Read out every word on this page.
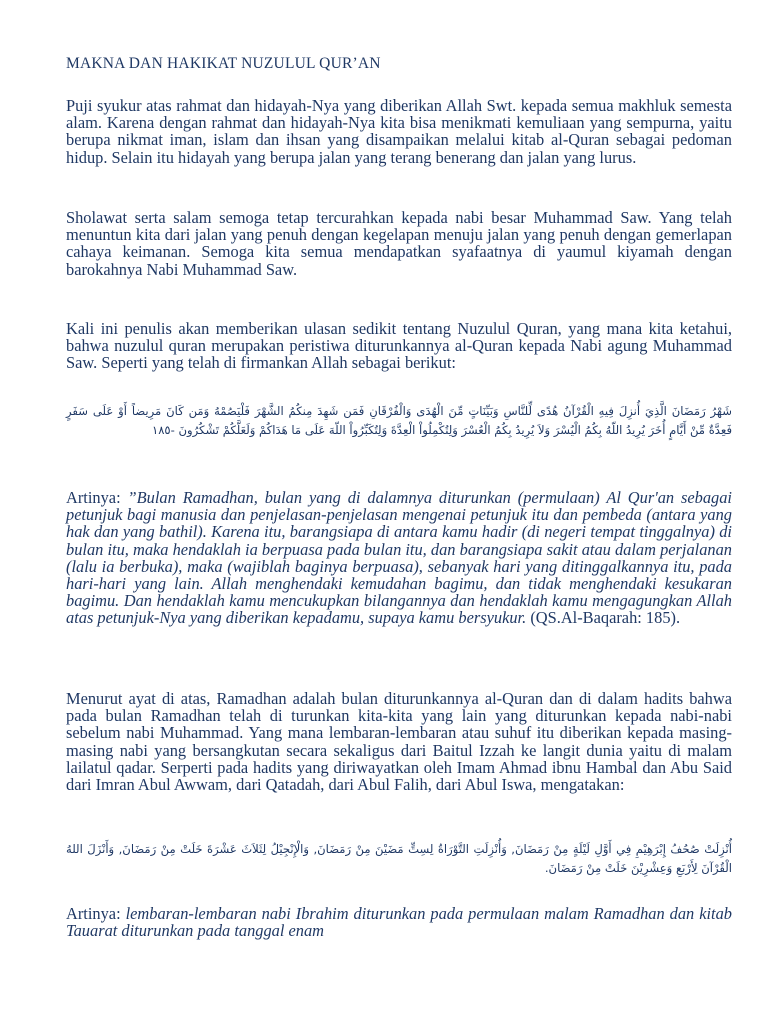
MAKNA DAN HAKIKAT NUZULUL QUR’AN

Puji syukur atas rahmat dan hidayah-Nya yang diberikan Allah Swt. kepada semua makhluk semesta alam. Karena dengan rahmat dan hidayah-Nya kita bisa menikmati kemuliaan yang sempurna, yaitu berupa nikmat iman, islam dan ihsan yang disampaikan melalui kitab al-Quran sebagai pedoman hidup. Selain itu hidayah yang berupa jalan yang terang benerang dan jalan yang lurus.

Sholawat serta salam semoga tetap tercurahkan kepada nabi besar Muhammad Saw. Yang telah menuntun kita dari jalan yang penuh dengan kegelapan menuju jalan yang penuh dengan gemerlapan cahaya keimanan. Semoga kita semua mendapatkan syafaatnya di yaumul kiyamah dengan barokahnya Nabi Muhammad Saw.

Kali ini penulis akan memberikan ulasan sedikit tentang Nuzulul Quran, yang mana kita ketahui, bahwa nuzulul quran merupakan peristiwa diturunkannya al-Quran kepada Nabi agung Muhammad Saw. Seperti yang telah di firmankan Allah sebagai berikut:

شَهْرُ رَمَضَانَ الَّذِيَ أُنزِلَ فِيهِ الْقُرْآنُ هُدًى لِّلنَّاسِ وَبَيِّنَاتٍ مِّنَ الْهُدَى وَالْفُرْقَانِ فَمَن شَهِدَ مِنكُمُ الشَّهْرَ فَلْيَصُمْهُ وَمَن كَانَ مَرِيضاً أَوْ عَلَى سَفَرٍ فَعِدَّةٌ مِّنْ أَيَّامٍ أُخَرَ يُرِيدُ اللّهُ بِكُمُ الْيُسْرَ وَلاَ يُرِيدُ بِكُمُ الْعُسْرَ وَلِتُكْمِلُواْ الْعِدَّةَ وَلِتُكَبِّرُواْ اللّهَ عَلَى مَا هَدَاكُمْ وَلَعَلَّكُمْ تَشْكُرُونَ -١٨٥

Artinya: ”Bulan Ramadhan, bulan yang di dalamnya diturunkan (permulaan) Al Qur'an sebagai petunjuk bagi manusia dan penjelasan-penjelasan mengenai petunjuk itu dan pembeda (antara yang hak dan yang bathil). Karena itu, barangsiapa di antara kamu hadir (di negeri tempat tinggalnya) di bulan itu, maka hendaklah ia berpuasa pada bulan itu, dan barangsiapa sakit atau dalam perjalanan (lalu ia berbuka), maka (wajiblah baginya berpuasa), sebanyak hari yang ditinggalkannya itu, pada hari-hari yang lain. Allah menghendaki kemudahan bagimu, dan tidak menghendaki kesukaran bagimu. Dan hendaklah kamu mencukupkan bilangannya dan hendaklah kamu mengagungkan Allah atas petunjuk-Nya yang diberikan kepadamu, supaya kamu bersyukur. (QS.Al-Baqarah: 185).

Menurut ayat di atas, Ramadhan adalah bulan diturunkannya al-Quran dan di dalam hadits bahwa pada bulan Ramadhan telah di turunkan kita-kita yang lain yang diturunkan kepada nabi-nabi sebelum nabi Muhammad. Yang mana lembaran-lembaran atau suhuf itu diberikan kepada masing-masing nabi yang bersangkutan secara sekaligus dari Baitul Izzah ke langit dunia yaitu di malam lailatul qadar. Serperti pada hadits yang diriwayatkan oleh Imam Ahmad ibnu Hambal dan Abu Said dari Imran Abul Awwam, dari Qatadah, dari Abul Falih, dari Abul Iswa, mengatakan:

أُنْزِلَتْ صُحُفُ إِبْرَهِيْمِ فِي أَوَّلِ لَيْلَةٍ مِنْ رَمَضَانَ, وَأُنْزِلَتِ التَّوْرَاةُ لِسِتٍّ مَضَيْنَ مِنْ رَمَضَانَ, وَالْإِنْجِيْلُ لِثَلاَثَ عَشْرَةَ خَلَتْ مِنْ رَمَضَانَ, وَأَنْزَلَ اللهُ الْقُرْآنَ لِأَرْبَعِ وَعِشْرِيْنَ خَلَتْ مِنْ رَمَضَانَ.

Artinya: lembaran-lembaran nabi Ibrahim diturunkan pada permulaan malam Ramadhan dan kitab Tauarat diturunkan pada tanggal enam
